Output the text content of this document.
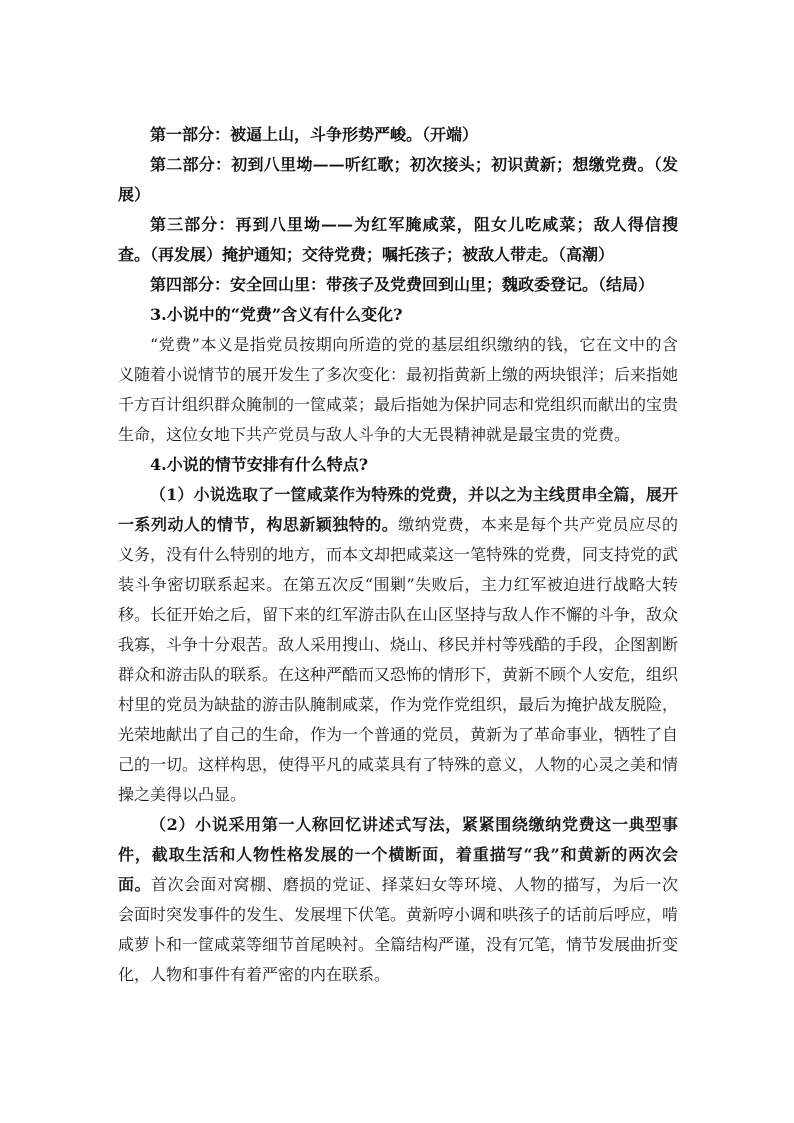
第一部分：被逼上山，斗争形势严峻。（开端）

第二部分：初到八里坳——听红歌；初次接头；初识黄新；想缴党费。（发展）

第三部分：再到八里坳——为红军腌咸菜，阻女儿吃咸菜；敌人得信搜查。（再发展）掩护通知；交待党费；嘱托孩子；被敌人带走。（高潮）

第四部分：安全回山里：带孩子及党费回到山里；魏政委登记。（结局）

3.小说中的“党费”含义有什么变化?

“党费”本义是指党员按期向所造的党的基层组织缴纳的钱，它在文中的含义随着小说情节的展开发生了多次变化：最初指黄新上缴的两块银洋；后来指她千方百计组织群众腌制的一筐咸菜；最后指她为保护同志和党组织而献出的宝贵生命，这位女地下共产党员与敌人斗争的大无畏精神就是最宝贵的党费。

4.小说的情节安排有什么特点?

（1）小说选取了一筐咸菜作为特殊的党费，并以之为主线贯串全篇，展开一系列动人的情节，构思新颖独特的。缴纳党费，本来是每个共产党员应尽的义务，没有什么特别的地方，而本文却把咸菜这一笔特殊的党费，同支持党的武装斗争密切联系起来。在第五次反“围剿”失败后，主力红军被迫进行战略大转移。长征开始之后，留下来的红军游击队在山区坚持与敌人作不懈的斗争，敌众我寡，斗争十分艰苦。敌人采用搜山、烧山、移民并村等残酷的手段，企图割断群众和游击队的联系。在这种严酷而又恐怖的情形下，黄新不顾个人安危，组织村里的党员为缺盐的游击队腌制咸菜，作为党作党组织，最后为掩护战友脱险，光荣地献出了自己的生命，作为一个普通的党员，黄新为了革命事业，牺牲了自己的一切。这样构思，使得平凡的咸菜具有了特殊的意义，人物的心灵之美和情操之美得以凸显。

（2）小说采用第一人称回忆讲述式写法，紧紧围绕缴纳党费这一典型事件，截取生活和人物性格发展的一个横断面，着重描写“我”和黄新的两次会面。首次会面对窝棚、磨损的党证、择菜妇女等环境、人物的描写，为后一次会面时突发事件的发生、发展埋下伏笔。黄新哼小调和哄孩子的话前后呼应，啃咸萝卜和一筐咸菜等细节首尾映衬。全篇结构严谨，没有冗笔，情节发展曲折变化，人物和事件有着严密的内在联系。
